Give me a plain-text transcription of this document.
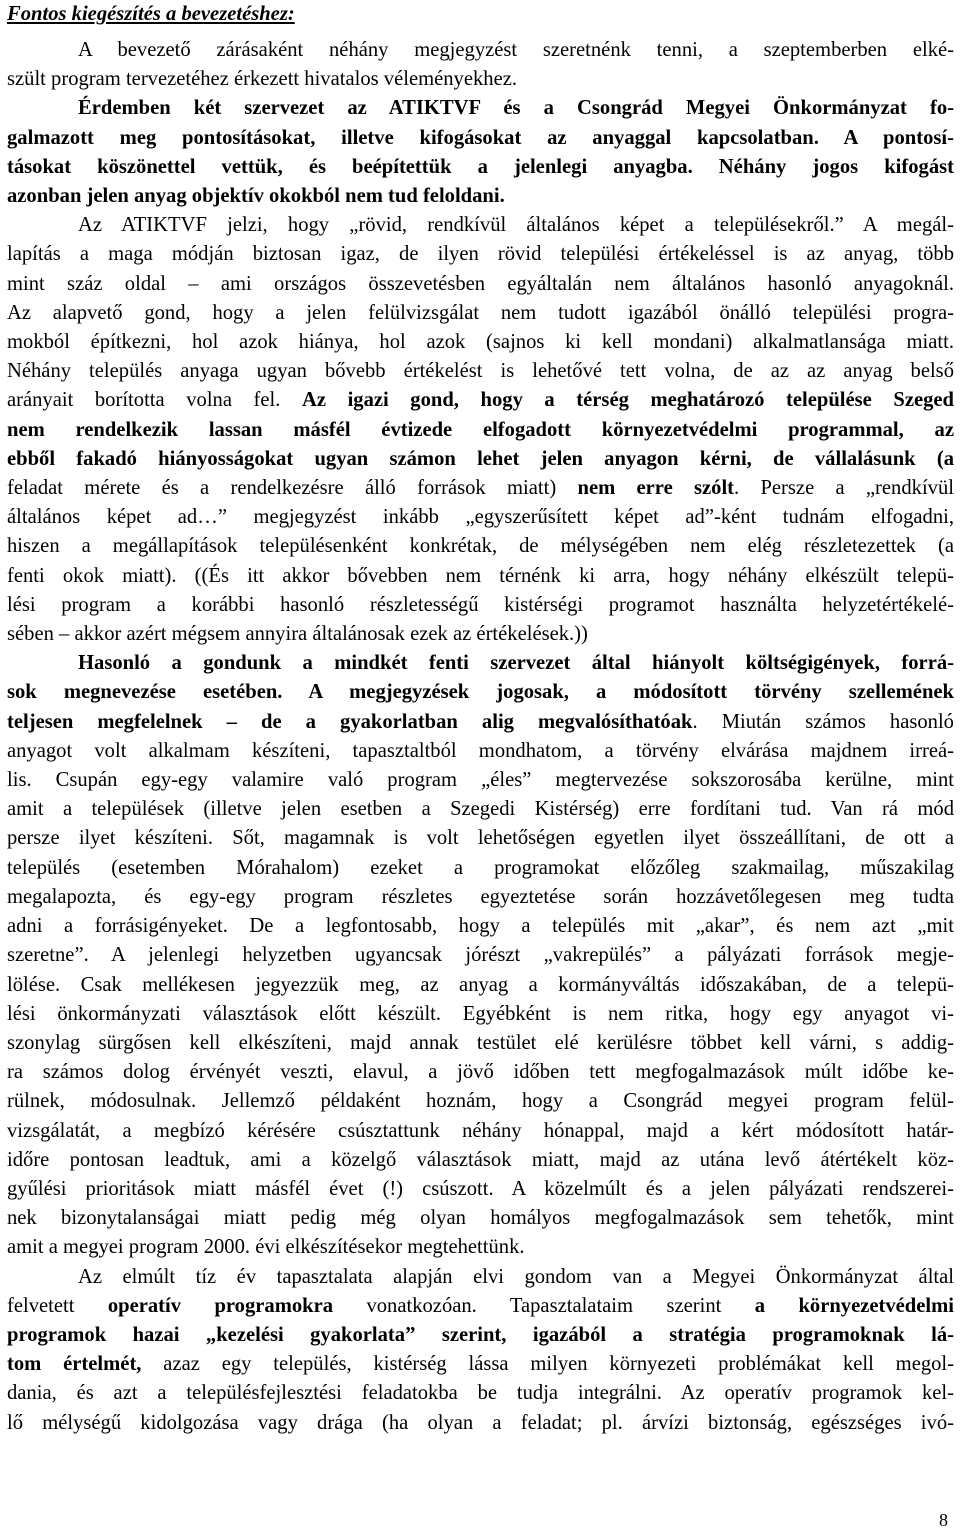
Fontos kiegészítés a bevezetéshez:
A bevezető zárásaként néhány megjegyzést szeretnénk tenni, a szeptemberben elké-
szült program tervezetéhez érkezett hivatalos véleményekhez.
Érdemben két szervezet az ATIKTVF és a Csongrád Megyei Önkormányzat fo-
galmazott meg pontosításokat, illetve kifogásokat az anyaggal kapcsolatban. A pontosí-
tásokat köszönettel vettük, és beépítettük a jelenlegi anyagba. Néhány jogos kifogást
azonban jelen anyag objektív okokból nem tud feloldani.
Az ATIKTVF jelzi, hogy „rövid, rendkívül általános képet a településekről.” A megál-
lapítás a maga módján biztosan igaz, de ilyen rövid települési értékeléssel is az anyag, több
mint száz oldal – ami országos összevetésben egyáltalán nem általános hasonló anyagoknál.
Az alapvető gond, hogy a jelen felülvizsgálat nem tudott igazából önálló települési progra-
mokból építkezni, hol azok hiánya, hol azok (sajnos ki kell mondani) alkalmatlansága miatt.
Néhány település anyaga ugyan bővebb értékelést is lehetővé tett volna, de az az anyag belső
arányait borította volna fel. Az igazi gond, hogy a térség meghatározó települése Szeged
nem rendelkezik lassan másfél évtizede elfogadott környezetvédelmi programmal, az
ebből fakadó hiányosságokat ugyan számon lehet jelen anyagon kérni, de vállalásunk (a
feladat mérete és a rendelkezésre álló források miatt) nem erre szólt. Persze a „rendkívül
általános képet ad…” megjegyzést inkább „egyszerűsített képet ad”-ként tudnám elfogadni,
hiszen a megállapítások településenként konkrétak, de mélységében nem elég részletezettek (a
fenti okok miatt). ((És itt akkor bővebben nem térnénk ki arra, hogy néhány elkészült telepü-
lési program a korábbi hasonló részletességű kistérségi programot használta helyzetértékelé-
sében – akkor azért mégsem annyira általánosak ezek az értékelések.))
Hasonló a gondunk a mindkét fenti szervezet által hiányolt költségigények, forrá-
sok megnevezése esetében. A megjegyzések jogosak, a módosított törvény szellemének
teljesen megfelelnek – de a gyakorlatban alig megvalósíthatóak. Miután számos hasonló
anyagot volt alkalmam készíteni, tapasztaltból mondhatom, a törvény elvárása majdnem irreá-
lis. Csupán egy-egy valamire való program „éles” megtervezése sokszorosába kerülne, mint
amit a települések (illetve jelen esetben a Szegedi Kistérség) erre fordítani tud. Van rá mód
persze ilyet készíteni. Sőt, magamnak is volt lehetőségen egyetlen ilyet összeállítani, de ott a
település (esetemben Mórahalom) ezeket a programokat előzőleg szakmailag, műszakilag
megalapozta, és egy-egy program részletes egyeztetése során hozzávetőlegesen meg tudta
adni a forrásigényeket. De a legfontosabb, hogy a település mit „akar”, és nem azt „mit
szeretne”. A jelenlegi helyzetben ugyancsak jórészt „vakrepülés” a pályázati források megje-
lölése. Csak mellékesen jegyezzük meg, az anyag a kormányváltás időszakában, de a telepü-
lési önkormányzati választások előtt készült. Egyébként is nem ritka, hogy egy anyagot vi-
szonylag sürgősen kell elkészíteni, majd annak testület elé kerülésre többet kell várni, s addig-
ra számos dolog érvényét veszti, elavul, a jövő időben tett megfogalmazások múlt időbe ke-
rülnek, módosulnak. Jellemző példaként hoznám, hogy a Csongrád megyei program felül-
vizsgálatát, a megbízó kérésére csúsztattunk néhány hónappal, majd a kért módosított határ-
időre pontosan leadtuk, ami a közelgő választások miatt, majd az utána levő átértékelt köz-
gyűlési prioritások miatt másfél évet (!) csúszott. A közelmúlt és a jelen pályázati rendszerei-
nek bizonytalanságai miatt pedig még olyan homályos megfogalmazások sem tehetők, mint
amit a megyei program 2000. évi elkészítésekor megtehettünk.
Az elmúlt tíz év tapasztalata alapján elvi gondom van a Megyei Önkormányzat által
felvetett operatív programokra vonatkozóan. Tapasztalataim szerint a környezetvédelmi
programok hazai „kezelési gyakorlata” szerint, igazából a stratégia programoknak lá-
tom értelmét, azaz egy település, kistérség lássa milyen környezeti problémákat kell megol-
dania, és azt a településfejlesztési feladatokba be tudja integrálni. Az operatív programok kel-
lő mélységű kidolgozása vagy drága (ha olyan a feladat; pl. árvízi biztonság, egészséges ivó-
8
